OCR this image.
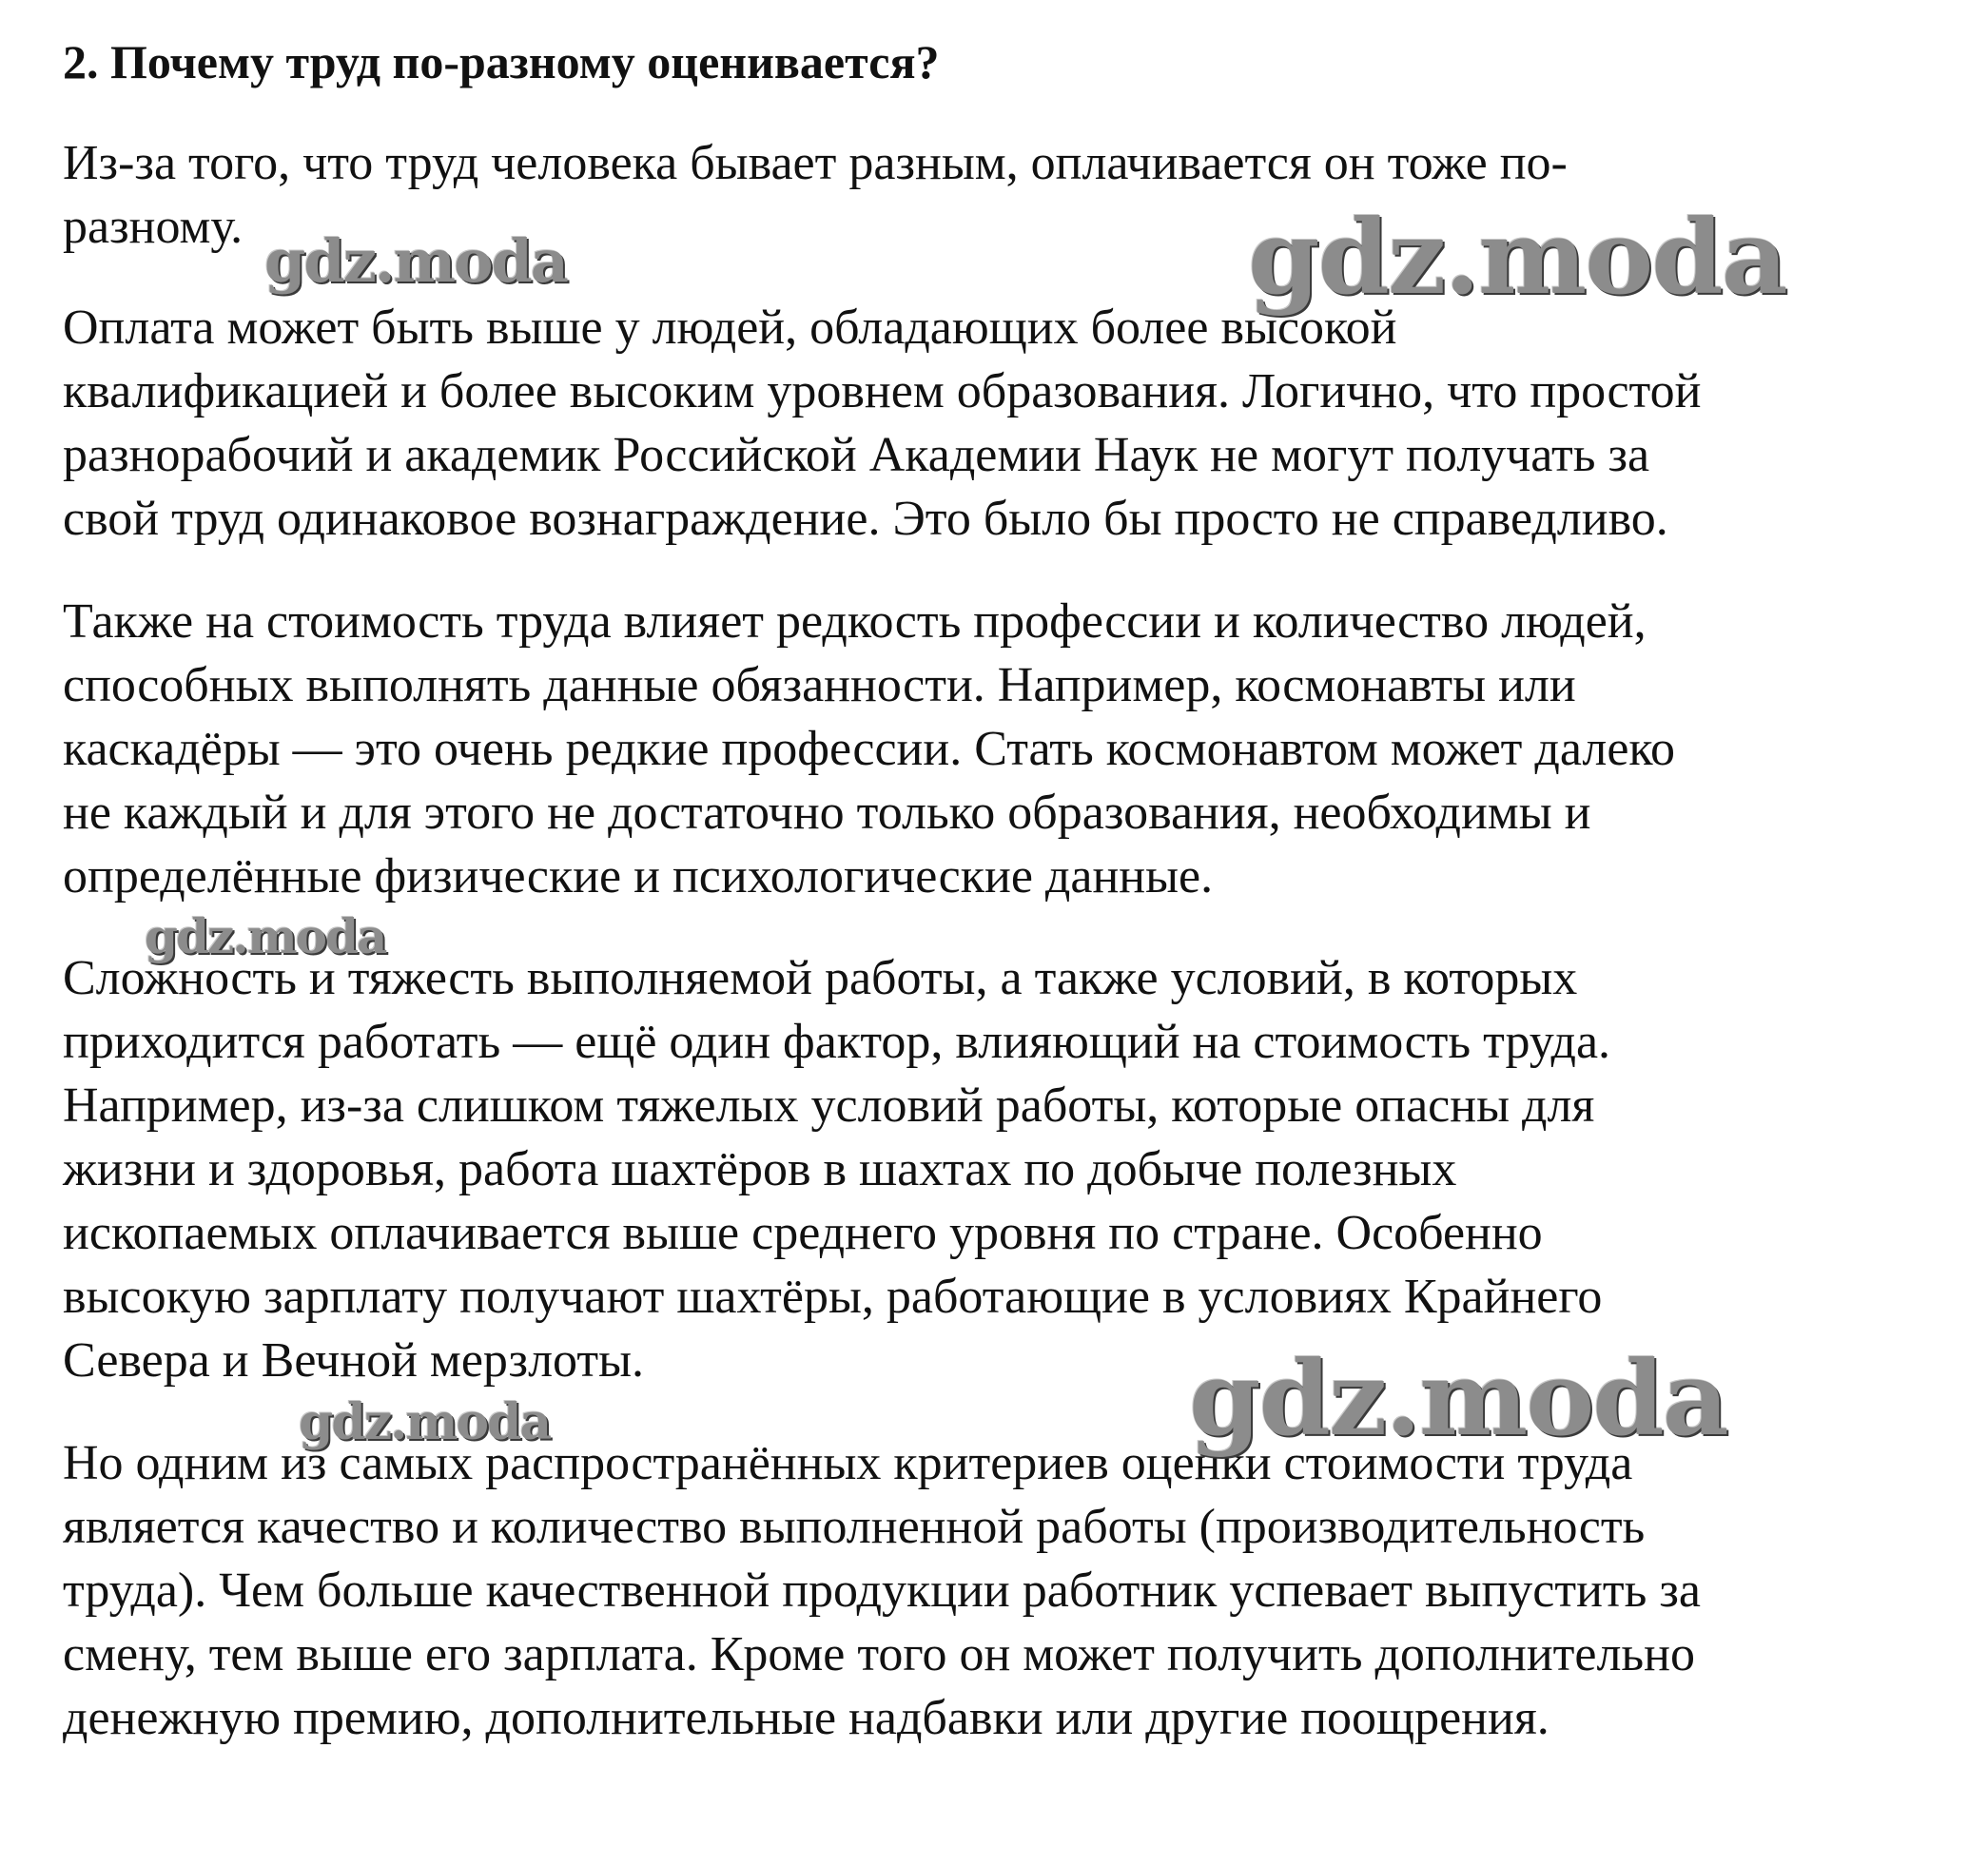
2. Почему труд по-разному оценивается?

Из-за того, что труд человека бывает разным, оплачивается он тоже по-
разному.

Оплата может быть выше у людей, обладающих более высокой
квалификацией и более высоким уровнем образования. Логично, что простой
разнорабочий и академик Российской Академии Наук не могут получать за
свой труд одинаковое вознаграждение. Это было бы просто не справедливо.

Также на стоимость труда влияет редкость профессии и количество людей,
способных выполнять данные обязанности. Например, космонавты или
каскадёры — это очень редкие профессии. Стать космонавтом может далеко
не каждый и для этого не достаточно только образования, необходимы и
определённые физические и психологические данные.

Сложность и тяжесть выполняемой работы, а также условий, в которых
приходится работать — ещё один фактор, влияющий на стоимость труда.
Например, из-за слишком тяжелых условий работы, которые опасны для
жизни и здоровья, работа шахтёров в шахтах по добыче полезных
ископаемых оплачивается выше среднего уровня по стране. Особенно
высокую зарплату получают шахтёры, работающие в условиях Крайнего
Севера и Вечной мерзлоты.

Но одним из самых распространённых критериев оценки стоимости труда
является качество и количество выполненной работы (производительность
труда). Чем больше качественной продукции работник успевает выпустить за
смену, тем выше его зарплата. Кроме того он может получить дополнительно
денежную премию, дополнительные надбавки или другие поощрения.

gdz.moda	gdz.moda
gdz.moda
gdz.moda
gdz.moda
